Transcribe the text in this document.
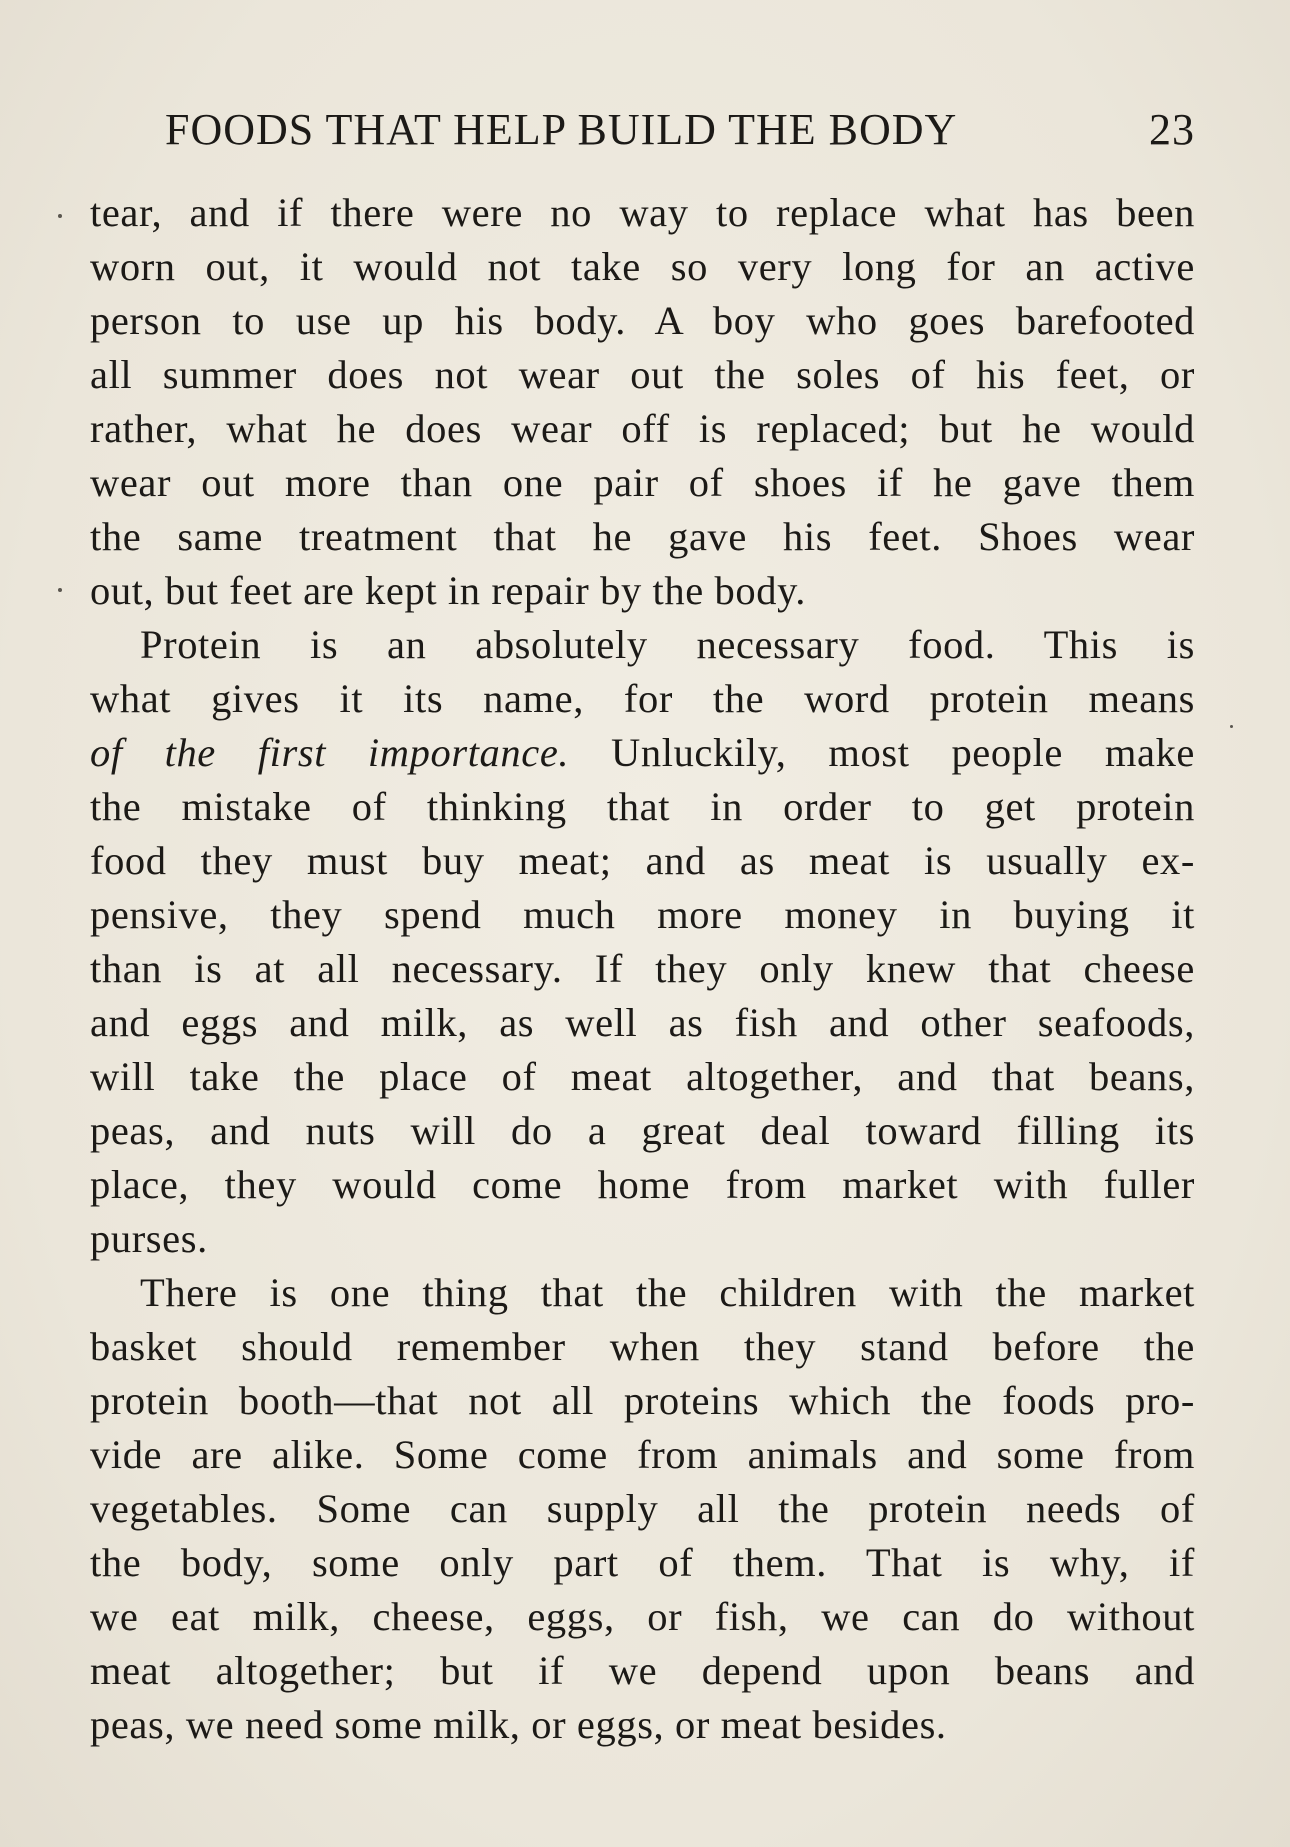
FOODS THAT HELP BUILD THE BODY	23
tear, and if there were no way to replace what has been
worn out, it would not take so very long for an active
person to use up his body. A boy who goes barefooted
all summer does not wear out the soles of his feet, or
rather, what he does wear off is replaced; but he would
wear out more than one pair of shoes if he gave them
the same treatment that he gave his feet. Shoes wear
out, but feet are kept in repair by the body.
Protein is an absolutely necessary food. This is
what gives it its name, for the word protein means
of the first importance. Unluckily, most people make
the mistake of thinking that in order to get protein
food they must buy meat; and as meat is usually ex-
pensive, they spend much more money in buying it
than is at all necessary. If they only knew that cheese
and eggs and milk, as well as fish and other seafoods,
will take the place of meat altogether, and that beans,
peas, and nuts will do a great deal toward filling its
place, they would come home from market with fuller
purses.
There is one thing that the children with the market
basket should remember when they stand before the
protein booth—that not all proteins which the foods pro-
vide are alike. Some come from animals and some from
vegetables. Some can supply all the protein needs of
the body, some only part of them. That is why, if
we eat milk, cheese, eggs, or fish, we can do without
meat altogether; but if we depend upon beans and
peas, we need some milk, or eggs, or meat besides.
